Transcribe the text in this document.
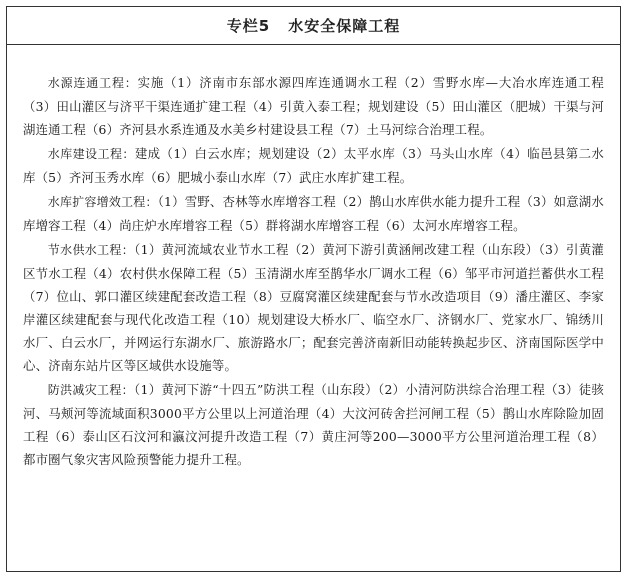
专栏5 水安全保障工程

水源连通工程：实施（1）济南市东部水源四库连通调水工程（2）雪野水库—大冶水库连通工程（3）田山灌区与济平干渠连通扩建工程（4）引黄入泰工程；规划建设（5）田山灌区（肥城）干渠与河湖连通工程（6）齐河县水系连通及水美乡村建设县工程（7）土马河综合治理工程。

水库建设工程：建成（1）白云水库；规划建设（2）太平水库（3）马头山水库（4）临邑县第二水库（5）齐河玉秀水库（6）肥城小泰山水库（7）武庄水库扩建工程。

水库扩容增效工程：（1）雪野、杏林等水库增容工程（2）鹊山水库供水能力提升工程（3）如意湖水库增容工程（4）尚庄炉水库增容工程（5）群将湖水库增容工程（6）太河水库增容工程。

节水供水工程：（1）黄河流域农业节水工程（2）黄河下游引黄涵闸改建工程（山东段）（3）引黄灌区节水工程（4）农村供水保障工程（5）玉清湖水库至鹊华水厂调水工程（6）邹平市河道拦蓄供水工程（7）位山、郭口灌区续建配套改造工程（8）豆腐窝灌区续建配套与节水改造项目（9）潘庄灌区、李家岸灌区续建配套与现代化改造工程（10）规划建设大桥水厂、临空水厂、济钢水厂、党家水厂、锦绣川水厂、白云水厂，并网运行东湖水厂、旅游路水厂；配套完善济南新旧动能转换起步区、济南国际医学中心、济南东站片区等区域供水设施等。

防洪减灾工程：（1）黄河下游“十四五”防洪工程（山东段）（2）小清河防洪综合治理工程（3）徒骇河、马颊河等流域面积3000平方公里以上河道治理（4）大汶河砖舍拦河闸工程（5）鹊山水库除险加固工程（6）泰山区石汶河和瀛汶河提升改造工程（7）黄庄河等200—3000平方公里河道治理工程（8）都市圈气象灾害风险预警能力提升工程。
